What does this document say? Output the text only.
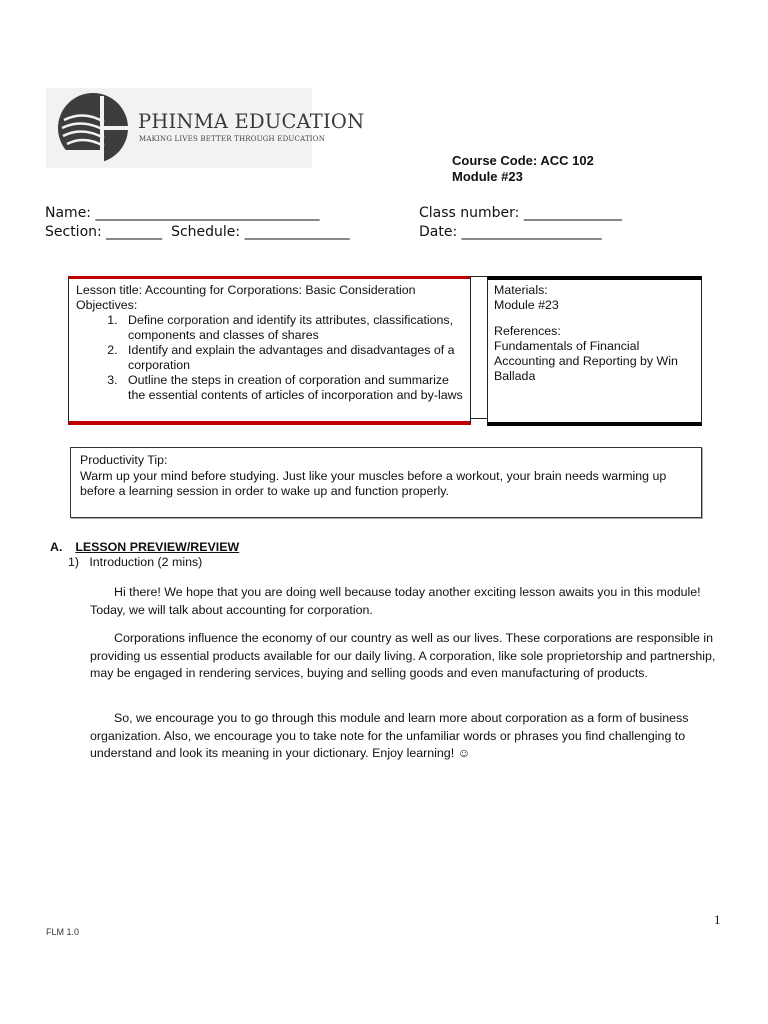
PHINMA EDUCATION
MAKING LIVES BETTER THROUGH EDUCATION
Course Code: ACC 102
Module #23
Name: ________________________________
Section: ________  Schedule: _______________
Class number: ______________
Date: ____________________
Lesson title: Accounting for Corporations: Basic Consideration
Objectives:
1. Define corporation and identify its attributes, classifications, components and classes of shares
2. Identify and explain the advantages and disadvantages of a corporation
3. Outline the steps in creation of corporation and summarize the essential contents of articles of incorporation and by-laws
Materials:
Module #23
References:
Fundamentals of Financial Accounting and Reporting by Win Ballada
Productivity Tip:
Warm up your mind before studying. Just like your muscles before a workout, your brain needs warming up before a learning session in order to wake up and function properly.
A. LESSON PREVIEW/REVIEW
1)   Introduction (2 mins)
Hi there! We hope that you are doing well because today another exciting lesson awaits you in this module! Today, we will talk about accounting for corporation.
Corporations influence the economy of our country as well as our lives. These corporations are responsible in providing us essential products available for our daily living. A corporation, like sole proprietorship and partnership, may be engaged in rendering services, buying and selling goods and even manufacturing of products.
So, we encourage you to go through this module and learn more about corporation as a form of business organization. Also, we encourage you to take note for the unfamiliar words or phrases you find challenging to understand and look its meaning in your dictionary. Enjoy learning! ☺
1
FLM 1.0
